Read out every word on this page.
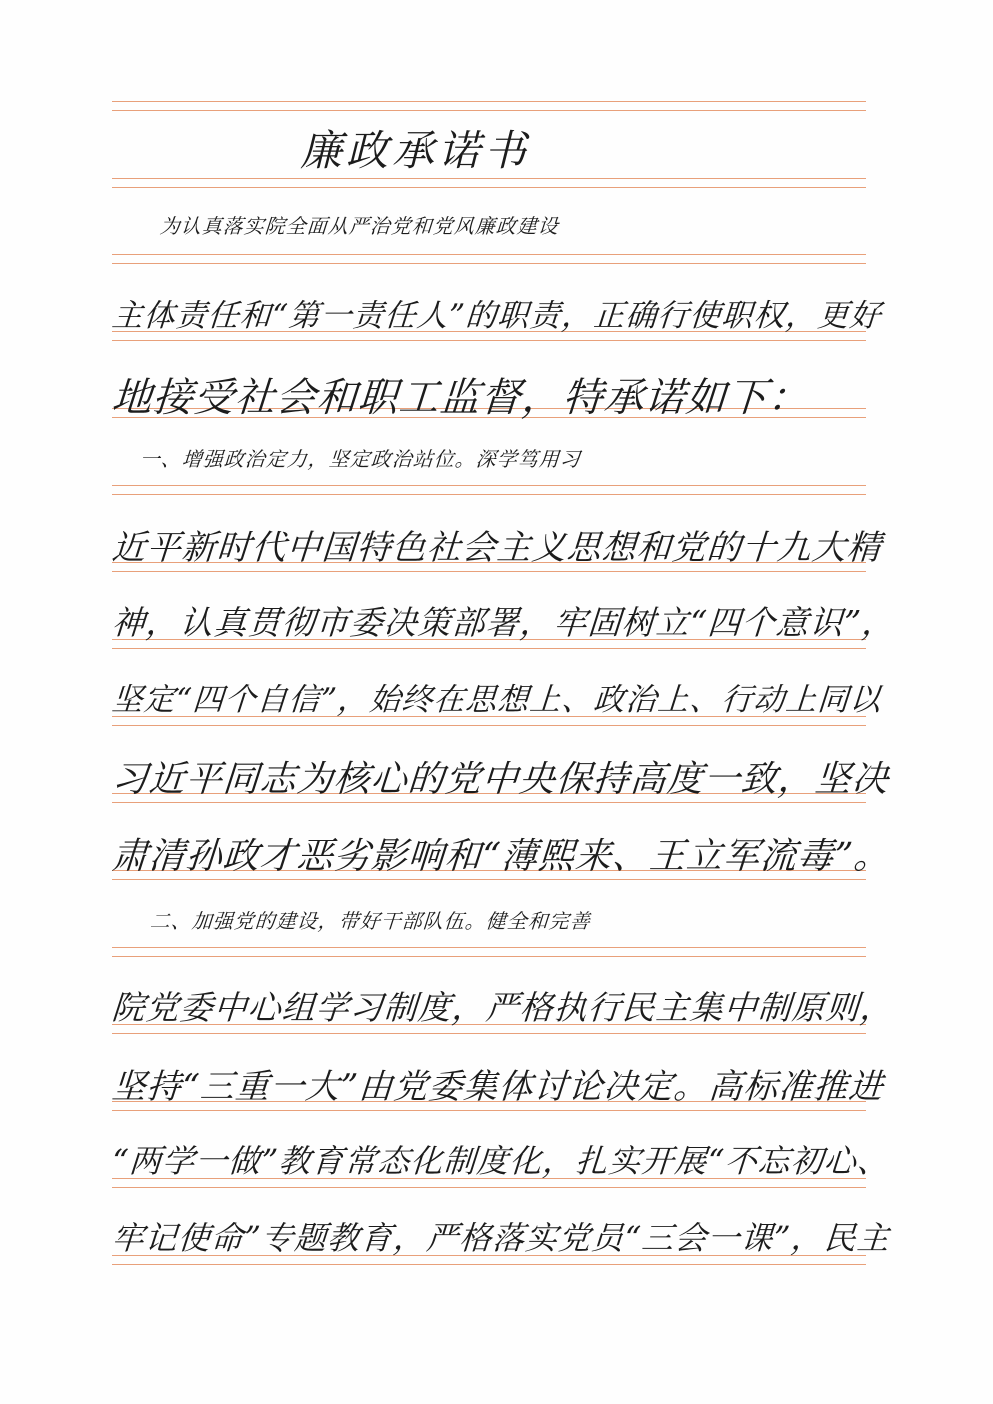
廉政承诺书
为认真落实院全面从严治党和党风廉政建设
主体责任和“第一责任人”的职责，正确行使职权，更好
地接受社会和职工监督，特承诺如下：
一、增强政治定力，坚定政治站位。深学笃用习
近平新时代中国特色社会主义思想和党的十九大精
神，认真贯彻市委决策部署，牢固树立“四个意识”，
坚定“四个自信”，始终在思想上、政治上、行动上同以
习近平同志为核心的党中央保持高度一致，坚决
肃清孙政才恶劣影响和“薄熙来、王立军流毒”。
二、加强党的建设，带好干部队伍。健全和完善
院党委中心组学习制度，严格执行民主集中制原则，
坚持“三重一大”由党委集体讨论决定。高标准推进
“两学一做”教育常态化制度化，扎实开展“不忘初心、
牢记使命”专题教育，严格落实党员“三会一课”，民主
